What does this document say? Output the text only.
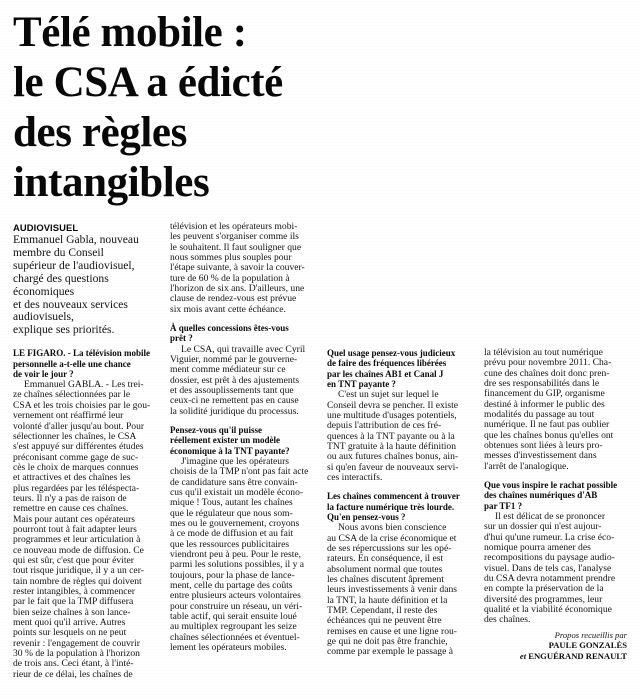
Télé mobile :
le CSA a édicté
des règles
intangibles
AUDIOVISUEL
Emmanuel Gabla, nouveau
membre du Conseil
supérieur de l'audiovisuel,
chargé des questions
économiques
et des nouveaux services
audiovisuels,
explique ses priorités.
LE FIGARO. - La télévision mobile
personnelle a-t-elle une chance
de voir le jour ?
Emmanuel GABLA. - Les trei-
ze chaînes sélectionnées par le
CSA et les trois choisies par le gou-
vernement ont réaffirmé leur
volonté d'aller jusqu'au bout. Pour
sélectionner les chaînes, le CSA
s'est appuyé sur différentes études
préconisant comme gage de suc-
cès le choix de marques connues
et attractives et des chaînes les
plus regardées par les téléspecta-
teurs. Il n'y a pas de raison de
remettre en cause ces chaînes.
Mais pour autant ces opérateurs
pourront tout à fait adapter leurs
programmes et leur articulation à
ce nouveau mode de diffusion. Ce
qui est sûr, c'est que pour éviter
tout risque juridique, il y a un cer-
tain nombre de règles qui doivent
rester intangibles, à commencer
par le fait que la TMP diffusera
bien seize chaînes à son lance-
ment quoi qu'il arrive. Autres
points sur lesquels on ne peut
revenir : l'engagement de couvrir
30 % de la population à l'horizon
de trois ans. Ceci étant, à l'inté-
rieur de ce délai, les chaînes de
télévision et les opérateurs mobi-
les peuvent s'organiser comme ils
le souhaitent. Il faut souligner que
nous sommes plus souples pour
l'étape suivante, à savoir la couver-
ture de 60 % de la population à
l'horizon de six ans. D'ailleurs, une
clause de rendez-vous est prévue
six mois avant cette échéance.
À quelles concessions êtes-vous
prêt ?
Le CSA, qui travaille avec Cyril
Viguier, nommé par le gouverne-
ment comme médiateur sur ce
dossier, est prêt à des ajustements
et des assouplissements tant que
ceux-ci ne remettent pas en cause
la solidité juridique du processus.
Pensez-vous qu'il puisse
réellement exister un modèle
économique à la TNT payante?
J'imagine que les opérateurs
choisis de la TMP n'ont pas fait acte
de candidature sans être convain-
cus qu'il existait un modèle écono-
mique ! Tous, autant les chaînes
que le régulateur que nous som-
mes ou le gouvernement, croyons
à ce mode de diffusion et au fait
que les ressources publicitaires
viendront peu à peu. Pour le reste,
parmi les solutions possibles, il y a
toujours, pour la phase de lance-
ment, celle du partage des coûts
entre plusieurs acteurs volontaires
pour construire un réseau, un véri-
table actif, qui serait ensuite loué
au multiplex regroupant les seize
chaînes sélectionnées et éventuel-
lement les opérateurs mobiles.
Quel usage pensez-vous judicieux
de faire des fréquences libérées
par les chaînes AB1 et Canal J
en TNT payante ?
C'est un sujet sur lequel le
Conseil devra se pencher. Il existe
une multitude d'usages potentiels,
depuis l'attribution de ces fré-
quences à la TNT payante ou à la
TNT gratuite à la haute définition
ou aux futures chaînes bonus, ain-
si qu'en faveur de nouveaux servi-
ces interactifs.
Les chaînes commencent à trouver
la facture numérique très lourde.
Qu'en pensez-vous ?
Nous avons bien conscience
au CSA de la crise économique et
de ses répercussions sur les opé-
rateurs. En conséquence, il est
absolument normal que toutes
les chaînes discutent âprement
leurs investissements à venir dans
la TNT, la haute définition et la
TMP. Cependant, il reste des
échéances qui ne peuvent être
remises en cause et une ligne rou-
ge qui ne doit pas être franchie,
comme par exemple le passage à
la télévision au tout numérique
prévu pour novembre 2011. Cha-
cune des chaînes doit donc pren-
dre ses responsabilités dans le
financement du GIP, organisme
destiné à informer le public des
modalités du passage au tout
numérique. Il ne faut pas oublier
que les chaînes bonus qu'elles ont
obtenues sont liées à leurs pro-
messes d'investissement dans
l'arrêt de l'analogique.
Que vous inspire le rachat possible
des chaînes numériques d'AB
par TF1 ?
Il est délicat de se prononcer
sur un dossier qui n'est aujour-
d'hui qu'une rumeur. La crise éco-
nomique pourra amener des
recompositions du paysage audio-
visuel. Dans de tels cas, l'analyse
du CSA devra notamment prendre
en compte la préservation de la
diversité des programmes, leur
qualité et la viabilité économique
des chaînes.
Propos recueillis par
PAULE GONZALÈS
et ENGUÉRAND RENAULT
